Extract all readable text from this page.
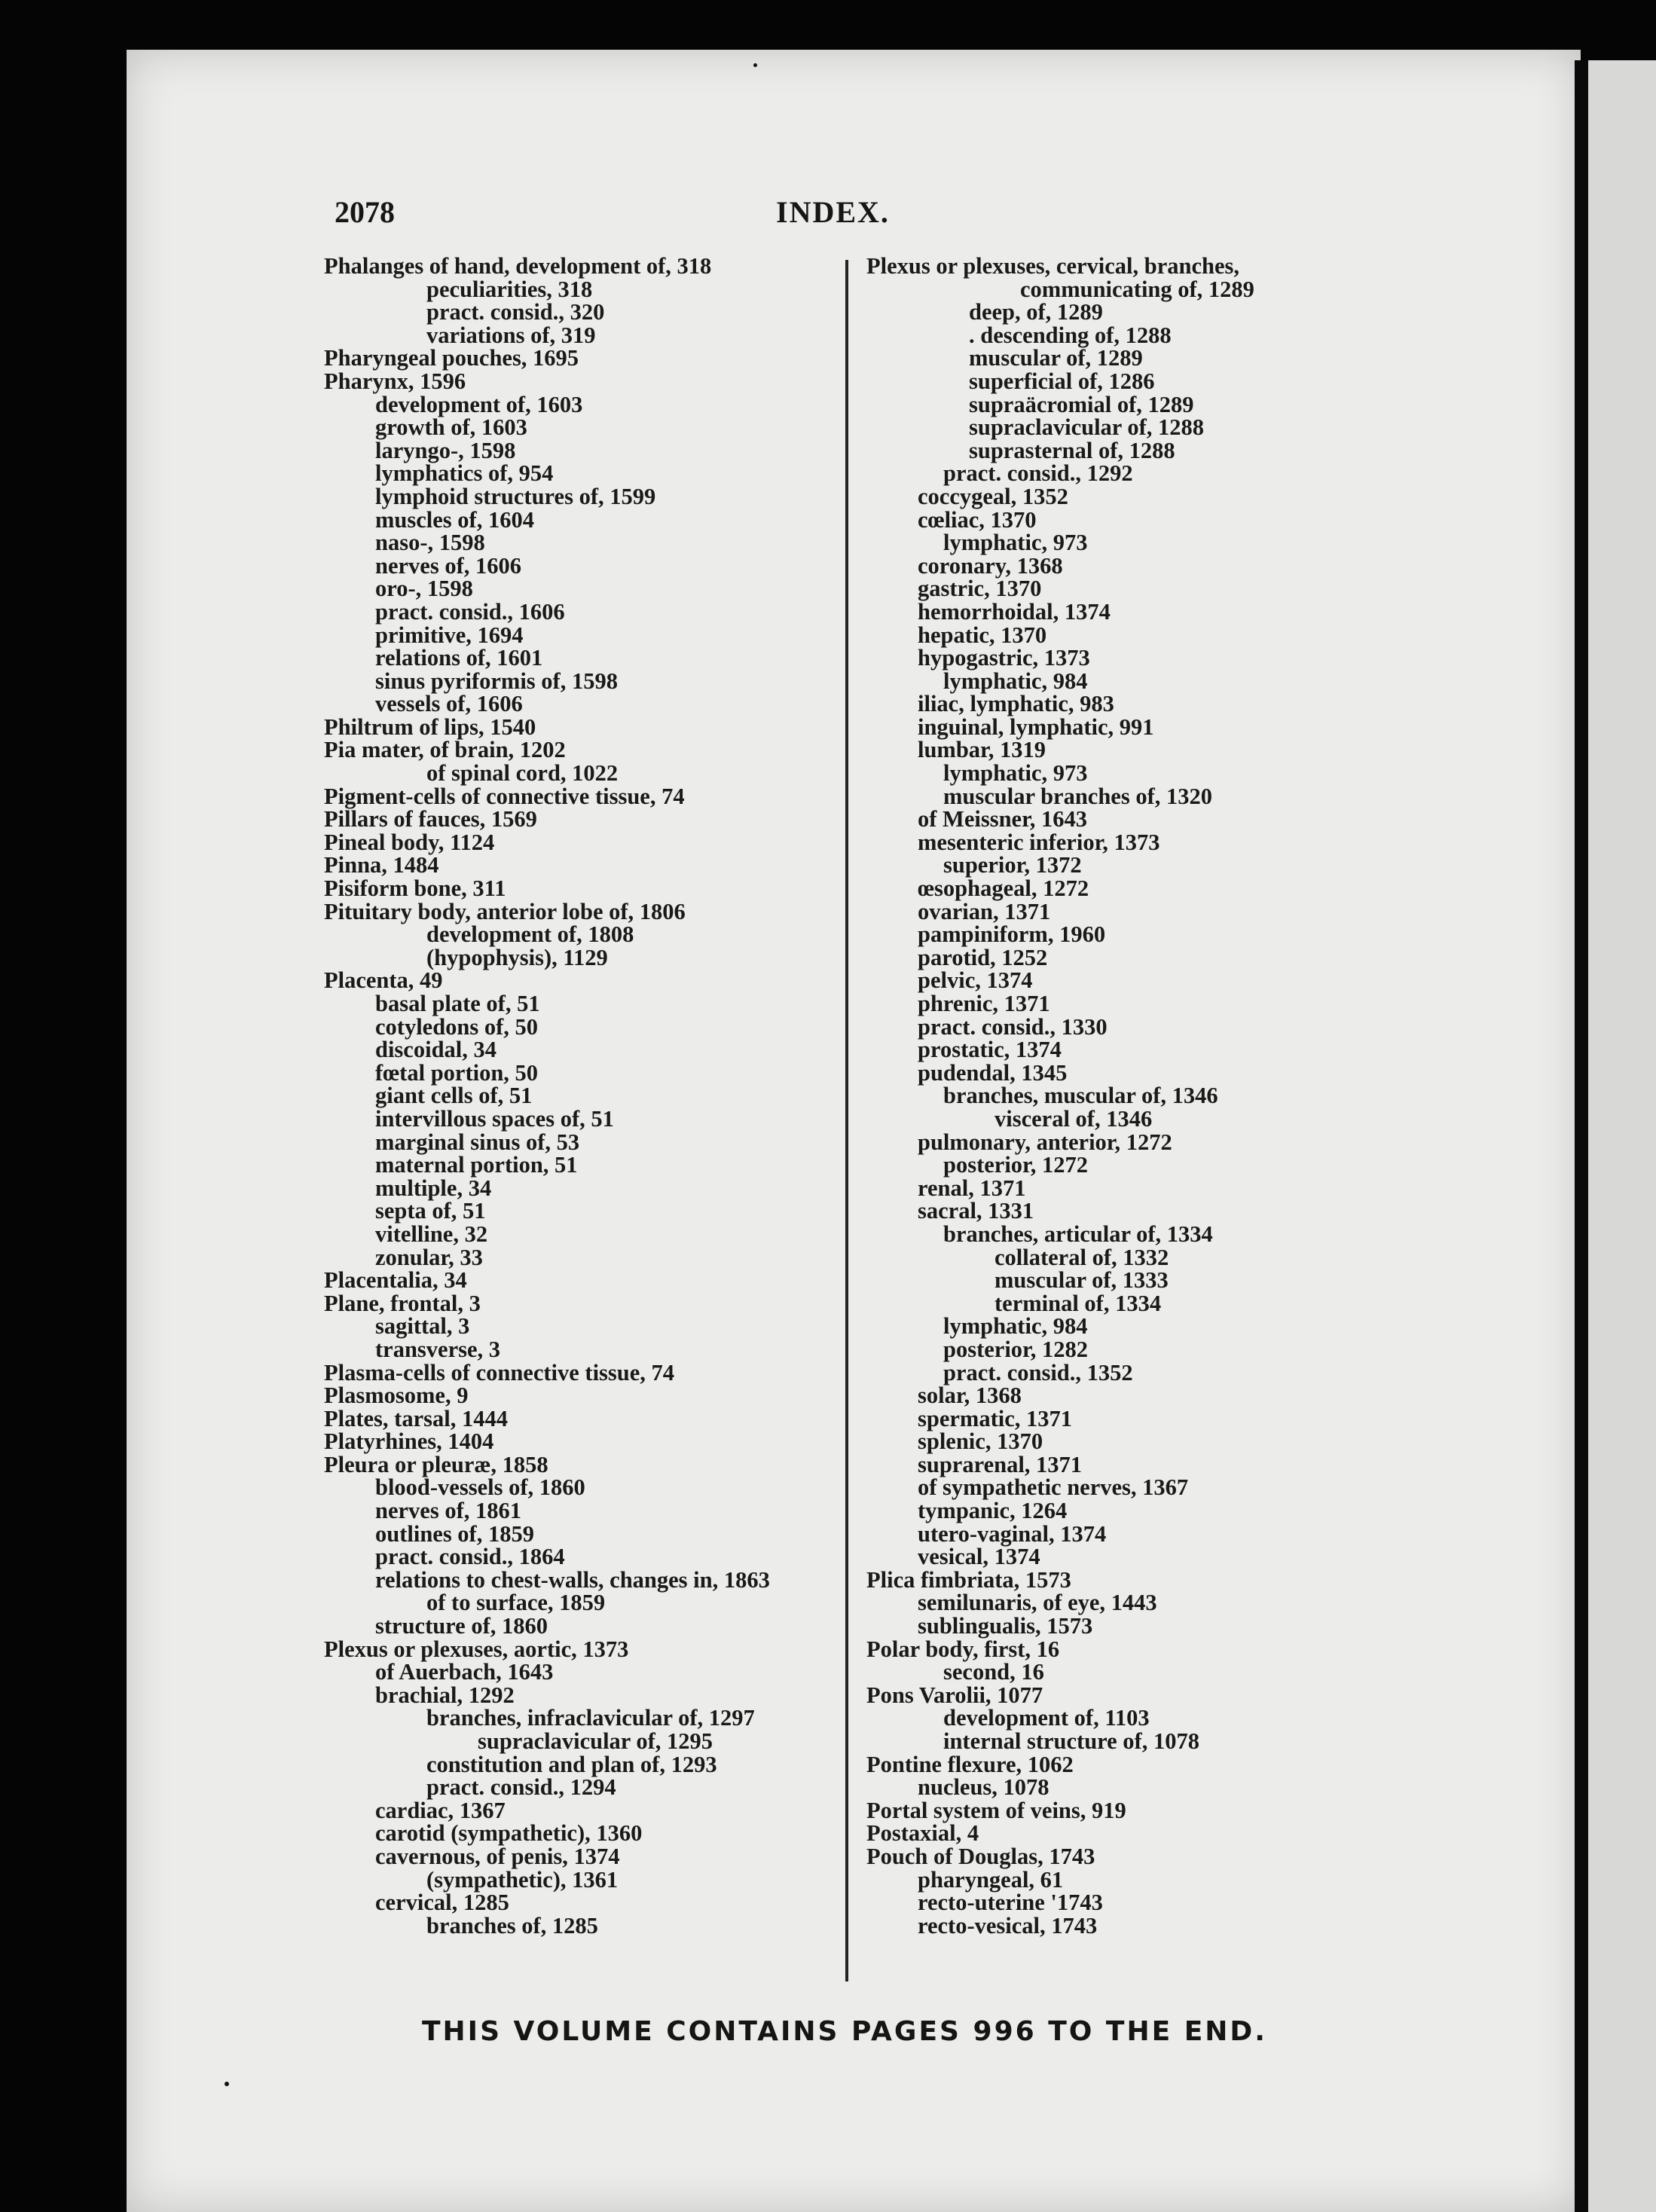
2078	INDEX.
Phalanges of hand, development of, 318
peculiarities, 318
pract. consid., 320
variations of, 319
Pharyngeal pouches, 1695
Pharynx, 1596
development of, 1603
growth of, 1603
laryngo-, 1598
lymphatics of, 954
lymphoid structures of, 1599
muscles of, 1604
naso-, 1598
nerves of, 1606
oro-, 1598
pract. consid., 1606
primitive, 1694
relations of, 1601
sinus pyriformis of, 1598
vessels of, 1606
Philtrum of lips, 1540
Pia mater, of brain, 1202
of spinal cord, 1022
Pigment-cells of connective tissue, 74
Pillars of fauces, 1569
Pineal body, 1124
Pinna, 1484
Pisiform bone, 311
Pituitary body, anterior lobe of, 1806
development of, 1808
(hypophysis), 1129
Placenta, 49
basal plate of, 51
cotyledons of, 50
discoidal, 34
fœtal portion, 50
giant cells of, 51
intervillous spaces of, 51
marginal sinus of, 53
maternal portion, 51
multiple, 34
septa of, 51
vitelline, 32
zonular, 33
Placentalia, 34
Plane, frontal, 3
sagittal, 3
transverse, 3
Plasma-cells of connective tissue, 74
Plasmosome, 9
Plates, tarsal, 1444
Platyrhines, 1404
Pleura or pleuræ, 1858
blood-vessels of, 1860
nerves of, 1861
outlines of, 1859
pract. consid., 1864
relations to chest-walls, changes in, 1863
of to surface, 1859
structure of, 1860
Plexus or plexuses, aortic, 1373
of Auerbach, 1643
brachial, 1292
branches, infraclavicular of, 1297
supraclavicular of, 1295
constitution and plan of, 1293
pract. consid., 1294
cardiac, 1367
carotid (sympathetic), 1360
cavernous, of penis, 1374
(sympathetic), 1361
cervical, 1285
branches of, 1285
Plexus or plexuses, cervical, branches,
communicating of, 1289
deep, of, 1289
. descending of, 1288
muscular of, 1289
superficial of, 1286
supraäcromial of, 1289
supraclavicular of, 1288
suprasternal of, 1288
pract. consid., 1292
coccygeal, 1352
cœliac, 1370
lymphatic, 973
coronary, 1368
gastric, 1370
hemorrhoidal, 1374
hepatic, 1370
hypogastric, 1373
lymphatic, 984
iliac, lymphatic, 983
inguinal, lymphatic, 991
lumbar, 1319
lymphatic, 973
muscular branches of, 1320
of Meissner, 1643
mesenteric inferior, 1373
superior, 1372
œsophageal, 1272
ovarian, 1371
pampiniform, 1960
parotid, 1252
pelvic, 1374
phrenic, 1371
pract. consid., 1330
prostatic, 1374
pudendal, 1345
branches, muscular of, 1346
visceral of, 1346
pulmonary, anterior, 1272
posterior, 1272
renal, 1371
sacral, 1331
branches, articular of, 1334
collateral of, 1332
muscular of, 1333
terminal of, 1334
lymphatic, 984
posterior, 1282
pract. consid., 1352
solar, 1368
spermatic, 1371
splenic, 1370
suprarenal, 1371
of sympathetic nerves, 1367
tympanic, 1264
utero-vaginal, 1374
vesical, 1374
Plica fimbriata, 1573
semilunaris, of eye, 1443
sublingualis, 1573
Polar body, first, 16
second, 16
Pons Varolii, 1077
development of, 1103
internal structure of, 1078
Pontine flexure, 1062
nucleus, 1078
Portal system of veins, 919
Postaxial, 4
Pouch of Douglas, 1743
pharyngeal, 61
recto-uterine '1743
recto-vesical, 1743
THIS VOLUME CONTAINS PAGES 996 TO THE END.
